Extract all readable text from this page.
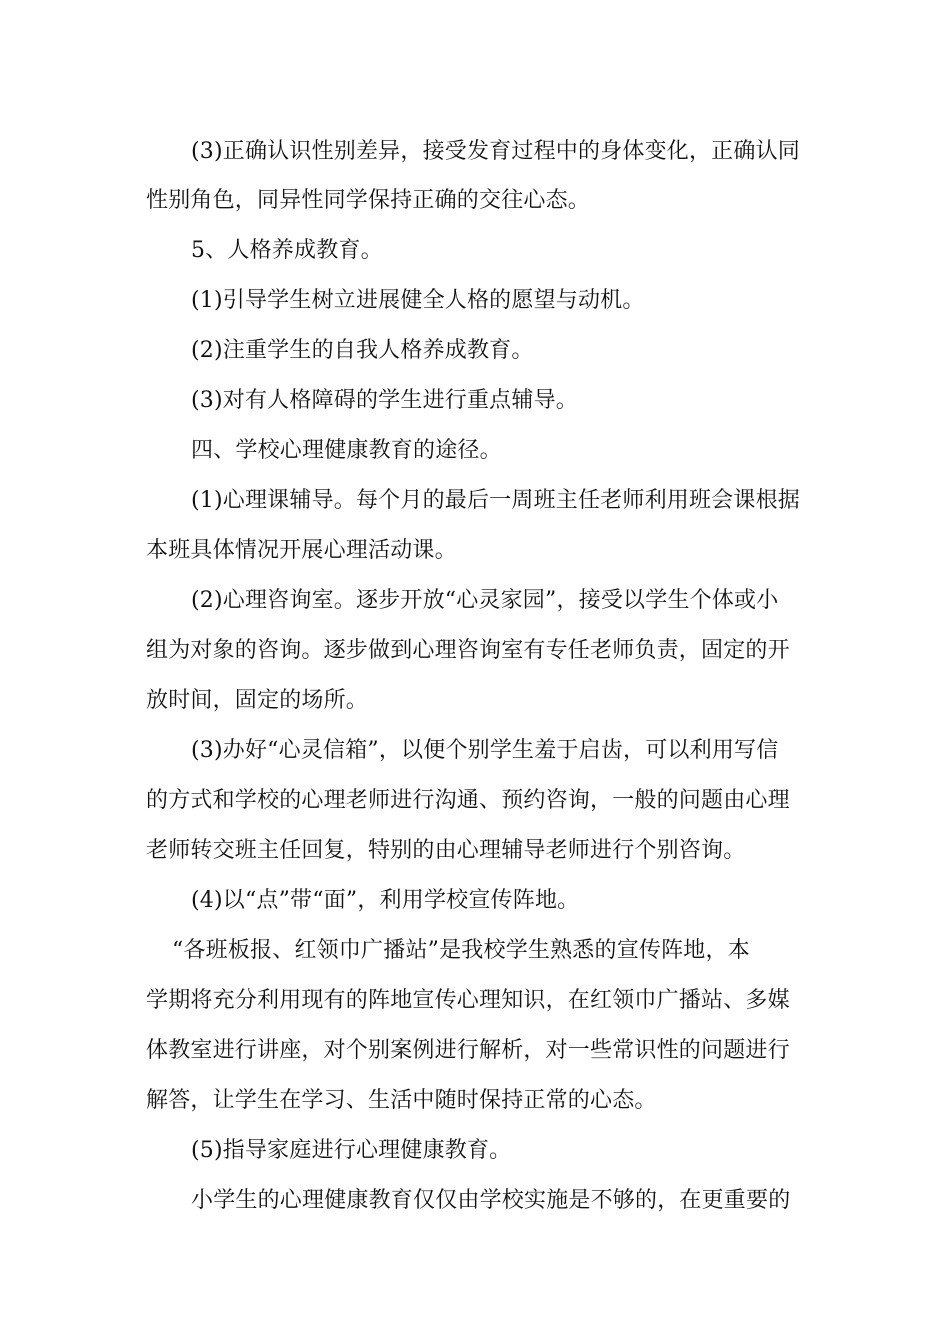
(3)正确认识性别差异，接受发育过程中的身体变化，正确认同
性别角色，同异性同学保持正确的交往心态。
5、人格养成教育。
(1)引导学生树立进展健全人格的愿望与动机。
(2)注重学生的自我人格养成教育。
(3)对有人格障碍的学生进行重点辅导。
四、学校心理健康教育的途径。
(1)心理课辅导。每个月的最后一周班主任老师利用班会课根据
本班具体情况开展心理活动课。
(2)心理咨询室。逐步开放“心灵家园”，接受以学生个体或小
组为对象的咨询。逐步做到心理咨询室有专任老师负责，固定的开
放时间，固定的场所。
(3)办好“心灵信箱”，以便个别学生羞于启齿，可以利用写信
的方式和学校的心理老师进行沟通、预约咨询，一般的问题由心理
老师转交班主任回复，特别的由心理辅导老师进行个别咨询。
(4)以“点”带“面”，利用学校宣传阵地。
“各班板报、红领巾广播站”是我校学生熟悉的宣传阵地，本
学期将充分利用现有的阵地宣传心理知识，在红领巾广播站、多媒
体教室进行讲座，对个别案例进行解析，对一些常识性的问题进行
解答，让学生在学习、生活中随时保持正常的心态。
(5)指导家庭进行心理健康教育。
小学生的心理健康教育仅仅由学校实施是不够的，在更重要的
